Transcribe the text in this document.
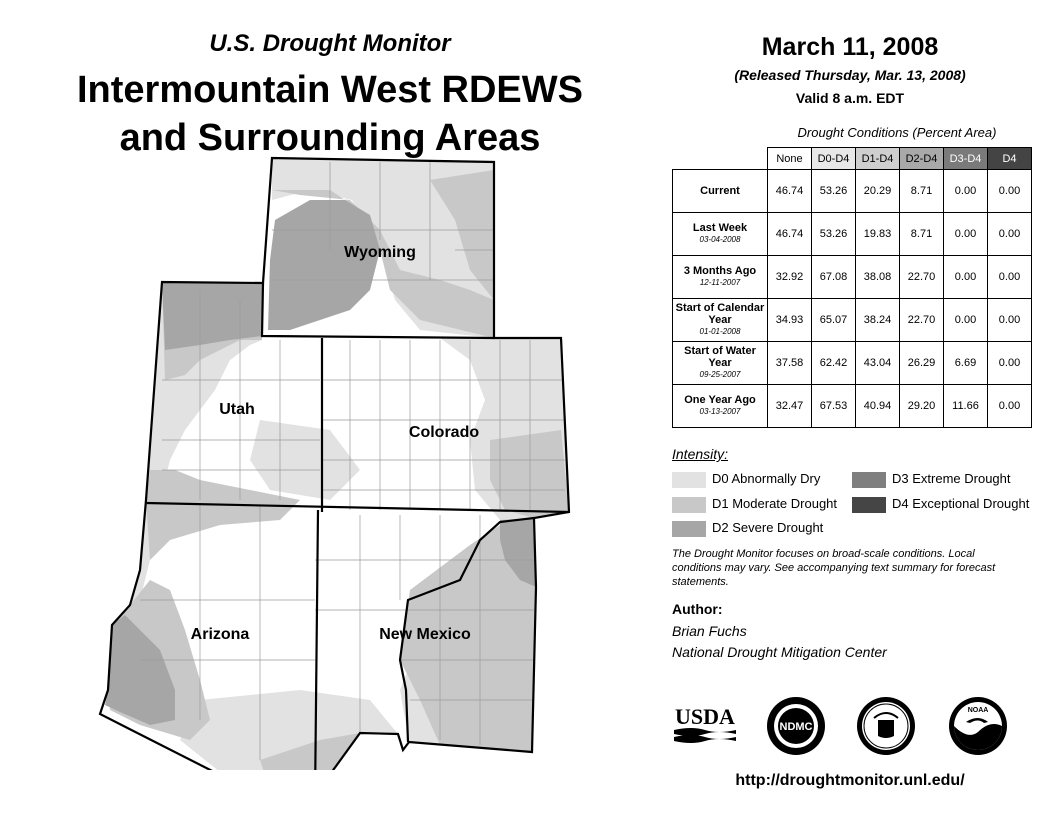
U.S. Drought Monitor
Intermountain West RDEWS
and Surrounding Areas
Wyoming
Utah
Colorado
Arizona	New Mexico
March 11, 2008
(Released Thursday, Mar. 13, 2008)
Valid 8 a.m. EDT
Drought Conditions (Percent Area)
	None	D0-D4	D1-D4	D2-D4	D3-D4	D4
Current	46.74	53.26	20.29	8.71	0.00	0.00
Last Week
03-04-2008	46.74	53.26	19.83	8.71	0.00	0.00
3 Months Ago
12-11-2007	32.92	67.08	38.08	22.70	0.00	0.00
Start of Calendar Year
01-01-2008	34.93	65.07	38.24	22.70	0.00	0.00
Start of Water Year
09-25-2007	37.58	62.42	43.04	26.29	6.69	0.00
One Year Ago
03-13-2007	32.47	67.53	40.94	29.20	11.66	0.00
Intensity:
D0 Abnormally Dry
D1 Moderate Drought
D2 Severe Drought
D3 Extreme Drought
D4 Exceptional Drought
The Drought Monitor focuses on broad-scale conditions. Local conditions may vary. See accompanying text summary for forecast statements.
Author:
Brian Fuchs
National Drought Mitigation Center
USDA	NDMC
NOAA
http://droughtmonitor.unl.edu/
